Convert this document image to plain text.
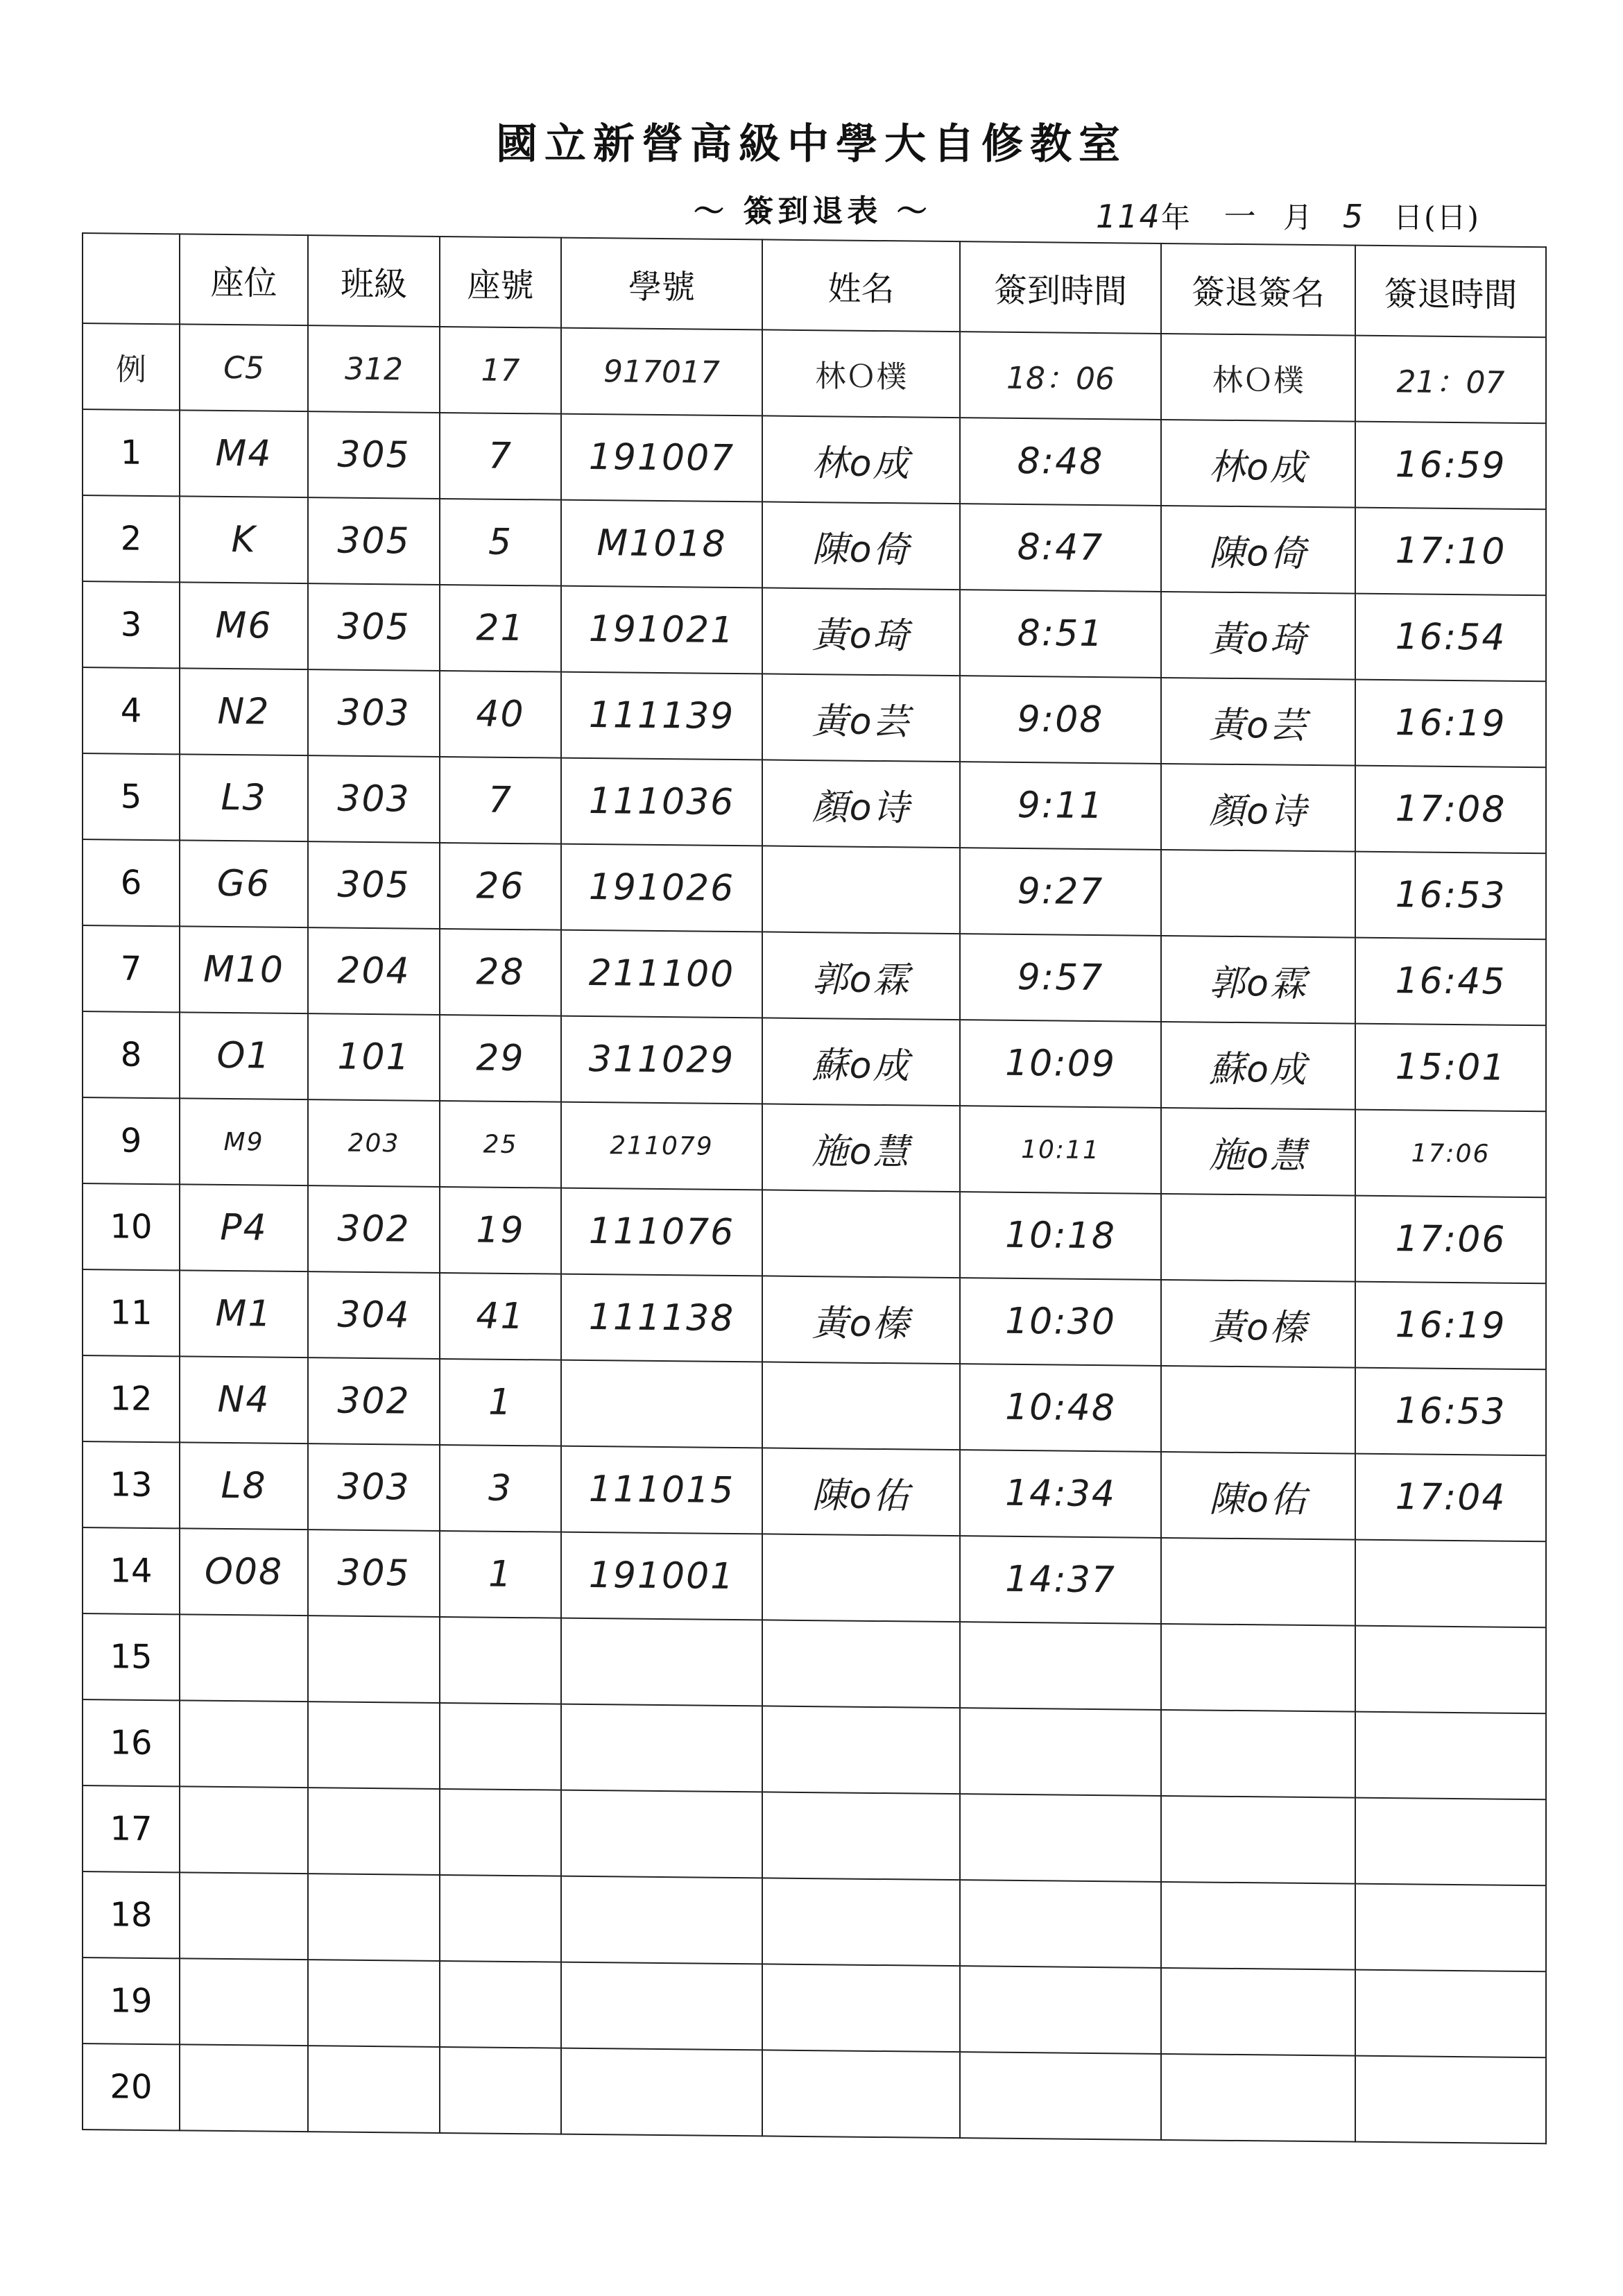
國立新營高級中學大自修教室
～ 簽到退表 ～	114年 一 月 5 日(日)
	座位	班級	座號	學號	姓名	簽到時間	簽退簽名	簽退時間
例	C5	312	17	917017	林Ｏ樸	18：06	林Ｏ樸	21：07
1	M4	305	7	191007	林o成	8:48	林o成	16:59
2	K	305	5	M1018	陳o倚	8:47	陳o倚	17:10
3	M6	305	21	191021	黃o琦	8:51	黃o琦	16:54
4	N2	303	40	111139	黃o芸	9:08	黃o芸	16:19
5	L3	303	7	111036	顏o诗	9:11	顏o诗	17:08
6	G6	305	26	191026		9:27		16:53
7	M10	204	28	211100	郭o霖	9:57	郭o霖	16:45
8	O1	101	29	311029	蘇o成	10:09	蘇o成	15:01
9	M9	203	25	211079	施o慧	10:11	施o慧	17:06
10	P4	302	19	111076		10:18		17:06
11	M1	304	41	111138	黃o榛	10:30	黃o榛	16:19
12	N4	302	1			10:48		16:53
13	L8	303	3	111015	陳o佑	14:34	陳o佑	17:04
14	O08	305	1	191001		14:37		
15								
16								
17								
18								
19								
20								
